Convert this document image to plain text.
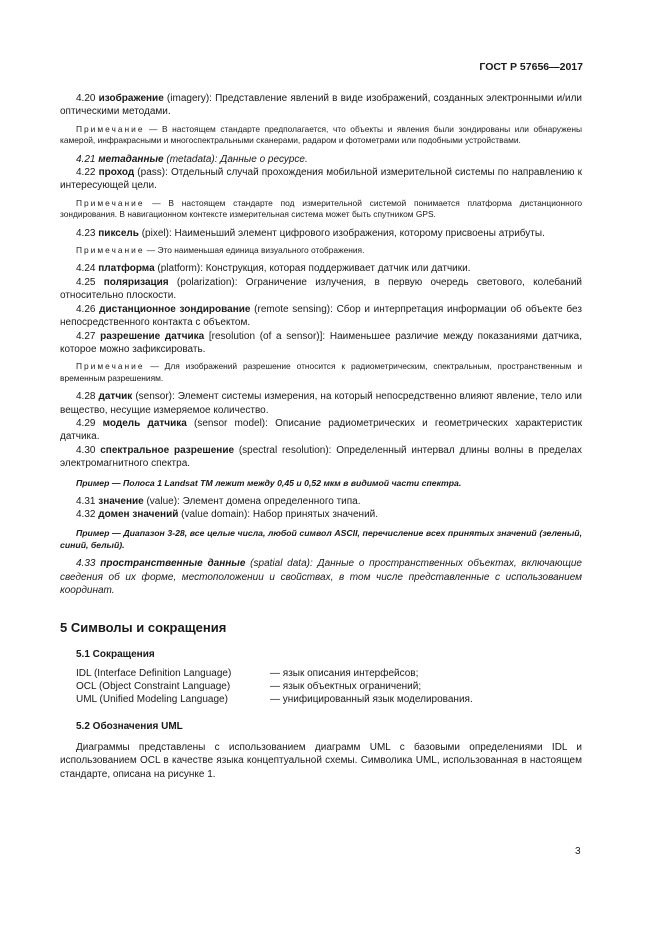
ГОСТ Р 57656—2017

4.20 изображение (imagery): Представление явлений в виде изображений, созданных электронными и/или оптическими методами.

Примечание — В настоящем стандарте предполагается, что объекты и явления были зондированы или обнаружены камерой, инфракрасными и многоспектральными сканерами, радаром и фотометрами или подобными устройствами.

4.21 метаданные (metadata): Данные о ресурсе.

4.22 проход (pass): Отдельный случай прохождения мобильной измерительной системы по направлению к интересующей цели.

Примечание — В настоящем стандарте под измерительной системой понимается платформа дистанционного зондирования. В навигационном контексте измерительная система может быть спутником GPS.

4.23 пиксель (pixel): Наименьший элемент цифрового изображения, которому присвоены атрибуты.

Примечание — Это наименьшая единица визуального отображения.

4.24 платформа (platform): Конструкция, которая поддерживает датчик или датчики.

4.25 поляризация (polarization): Ограничение излучения, в первую очередь светового, колебаний относительно плоскости.

4.26 дистанционное зондирование (remote sensing): Сбор и интерпретация информации об объекте без непосредственного контакта с объектом.

4.27 разрешение датчика [resolution (of a sensor)]: Наименьшее различие между показаниями датчика, которое можно зафиксировать.

Примечание — Для изображений разрешение относится к радиометрическим, спектральным, пространственным и временным разрешениям.

4.28 датчик (sensor): Элемент системы измерения, на который непосредственно влияют явление, тело или вещество, несущие измеряемое количество.

4.29 модель датчика (sensor model): Описание радиометрических и геометрических характеристик датчика.

4.30 спектральное разрешение (spectral resolution): Определенный интервал длины волны в пределах электромагнитного спектра.

Пример — Полоса 1 Landsat TM лежит между 0,45 и 0,52 мкм в видимой части спектра.

4.31 значение (value): Элемент домена определенного типа.

4.32 домен значений (value domain): Набор принятых значений.

Пример — Диапазон 3-28, все целые числа, любой символ ASCII, перечисление всех принятых значений (зеленый, синий, белый).

4.33 пространственные данные (spatial data): Данные о пространственных объектах, включающие сведения об их форме, местоположении и свойствах, в том числе представленные с использованием координат.

5 Символы и сокращения
5.1 Сокращения
IDL (Interface Definition Language)	— язык описания интерфейсов;
OCL (Object Constraint Language)	— язык объектных ограничений;
UML (Unified Modeling Language)	— унифицированный язык моделирования.
5.2 Обозначения UML

Диаграммы представлены с использованием диаграмм UML с базовыми определениями IDL и использованием OCL в качестве языка концептуальной схемы. Символика UML, использованная в настоящем стандарте, описана на рисунке 1.

3
